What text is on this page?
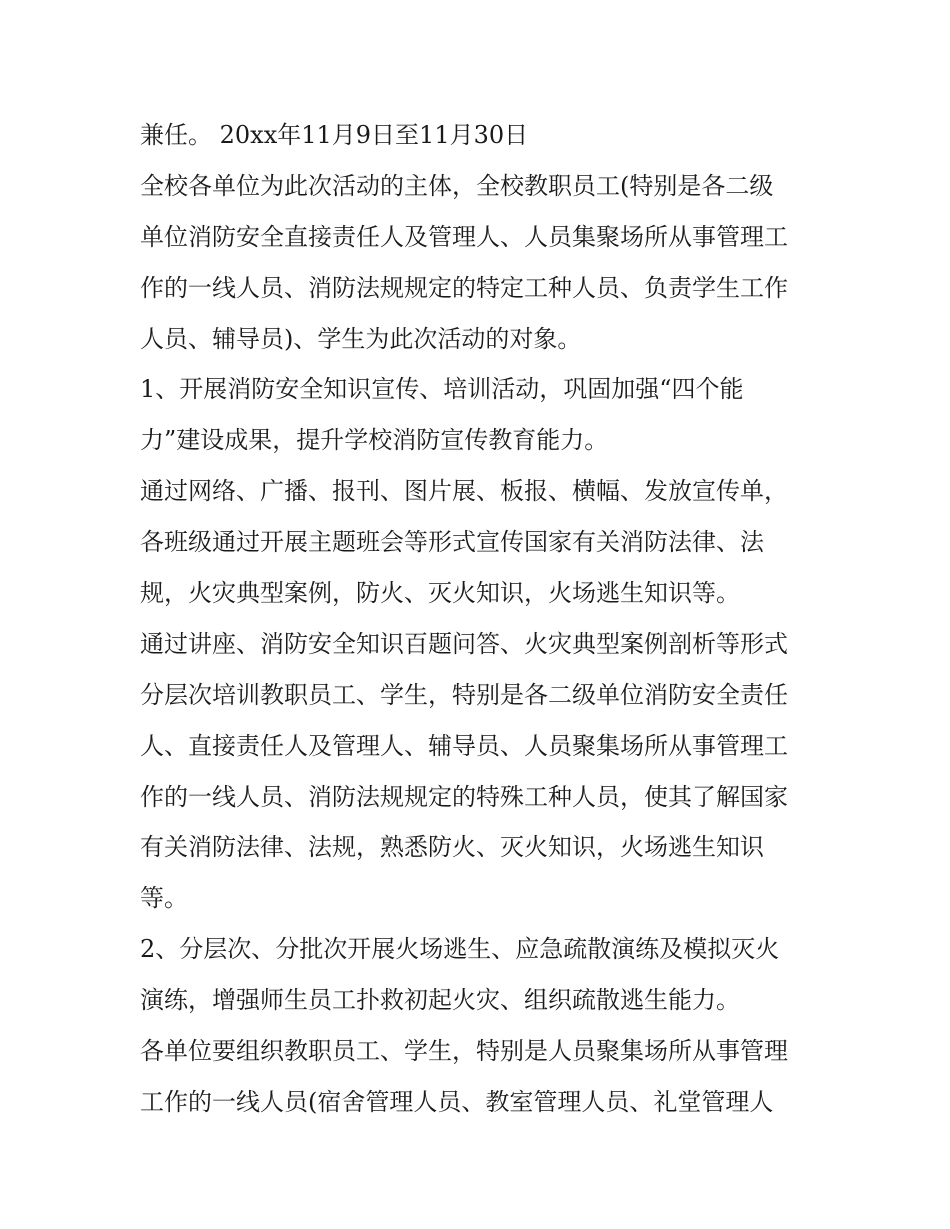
兼任。 20xx年11月9日至11月30日
全校各单位为此次活动的主体，全校教职员工(特别是各二级
单位消防安全直接责任人及管理人、人员集聚场所从事管理工
作的一线人员、消防法规规定的特定工种人员、负责学生工作
人员、辅导员)、学生为此次活动的对象。
1、开展消防安全知识宣传、培训活动，巩固加强“四个能
力”建设成果，提升学校消防宣传教育能力。
通过网络、广播、报刊、图片展、板报、横幅、发放宣传单，
各班级通过开展主题班会等形式宣传国家有关消防法律、法
规，火灾典型案例，防火、灭火知识，火场逃生知识等。
通过讲座、消防安全知识百题问答、火灾典型案例剖析等形式
分层次培训教职员工、学生，特别是各二级单位消防安全责任
人、直接责任人及管理人、辅导员、人员聚集场所从事管理工
作的一线人员、消防法规规定的特殊工种人员，使其了解国家
有关消防法律、法规，熟悉防火、灭火知识，火场逃生知识
等。
2、分层次、分批次开展火场逃生、应急疏散演练及模拟灭火
演练，增强师生员工扑救初起火灾、组织疏散逃生能力。
各单位要组织教职员工、学生，特别是人员聚集场所从事管理
工作的一线人员(宿舍管理人员、教室管理人员、礼堂管理人
